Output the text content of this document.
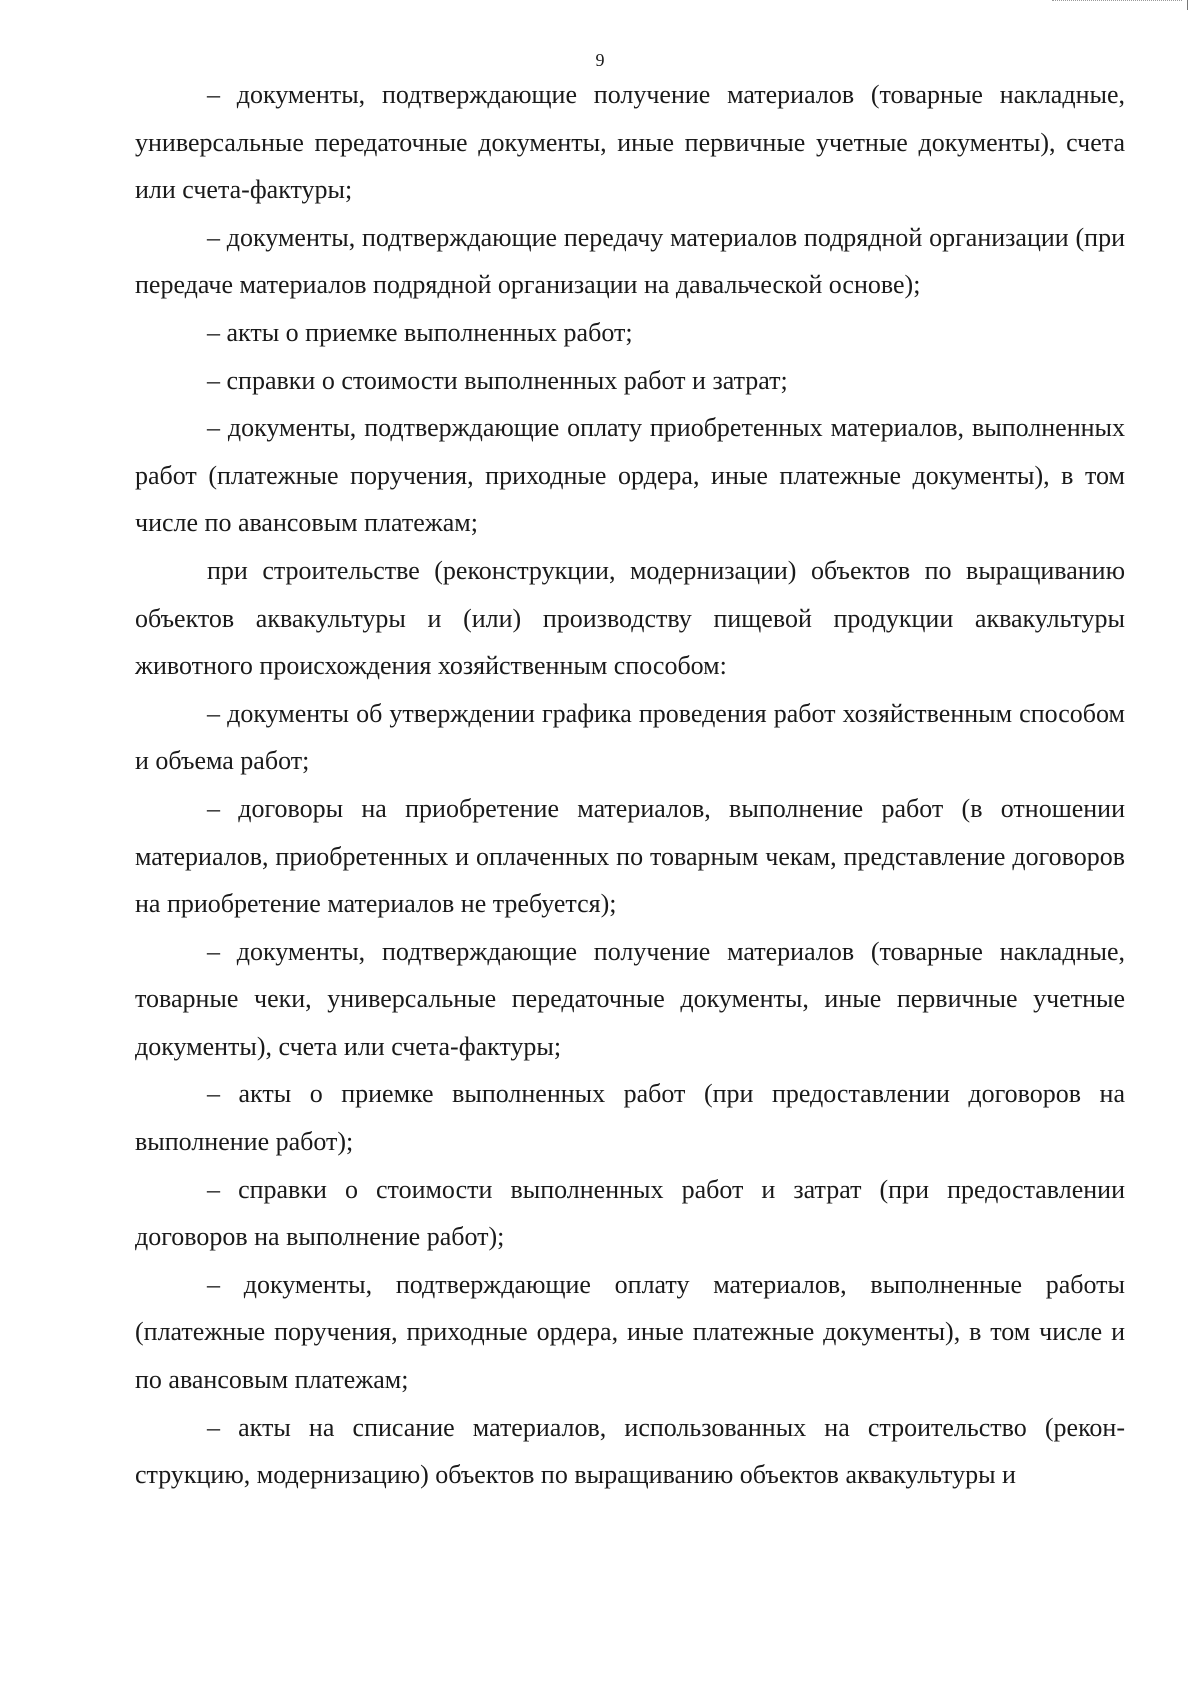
9

– документы, подтверждающие получение материалов (товарные накладные, универсальные передаточные документы, иные первичные учетные документы), счета или счета-фактуры;

– документы, подтверждающие передачу материалов подрядной организации (при передаче материалов подрядной организации на давальческой основе);

– акты о приемке выполненных работ;

– справки о стоимости выполненных работ и затрат;

– документы, подтверждающие оплату приобретенных материалов, выполненных работ (платежные поручения, приходные ордера, иные платежные документы), в том числе по авансовым платежам;

при строительстве (реконструкции, модернизации) объектов по выращиванию объектов аквакультуры и (или) производству пищевой продукции аквакультуры животного происхождения хозяйственным способом:

– документы об утверждении графика проведения работ хозяйственным способом и объема работ;

– договоры на приобретение материалов, выполнение работ (в отношении материалов, приобретенных и оплаченных по товарным чекам, представление договоров на приобретение материалов не требуется);

– документы, подтверждающие получение материалов (товарные накладные, товарные чеки, универсальные передаточные документы, иные первичные учетные документы), счета или счета-фактуры;

– акты о приемке выполненных работ (при предоставлении договоров на выполнение работ);

– справки о стоимости выполненных работ и затрат (при предоставлении договоров на выполнение работ);

– документы, подтверждающие оплату материалов, выполненные работы (платежные поручения, приходные ордера, иные платежные документы), в том числе и по авансовым платежам;

– акты на списание материалов, использованных на строительство (реконструкцию, модернизацию) объектов по выращиванию объектов аквакультуры и
